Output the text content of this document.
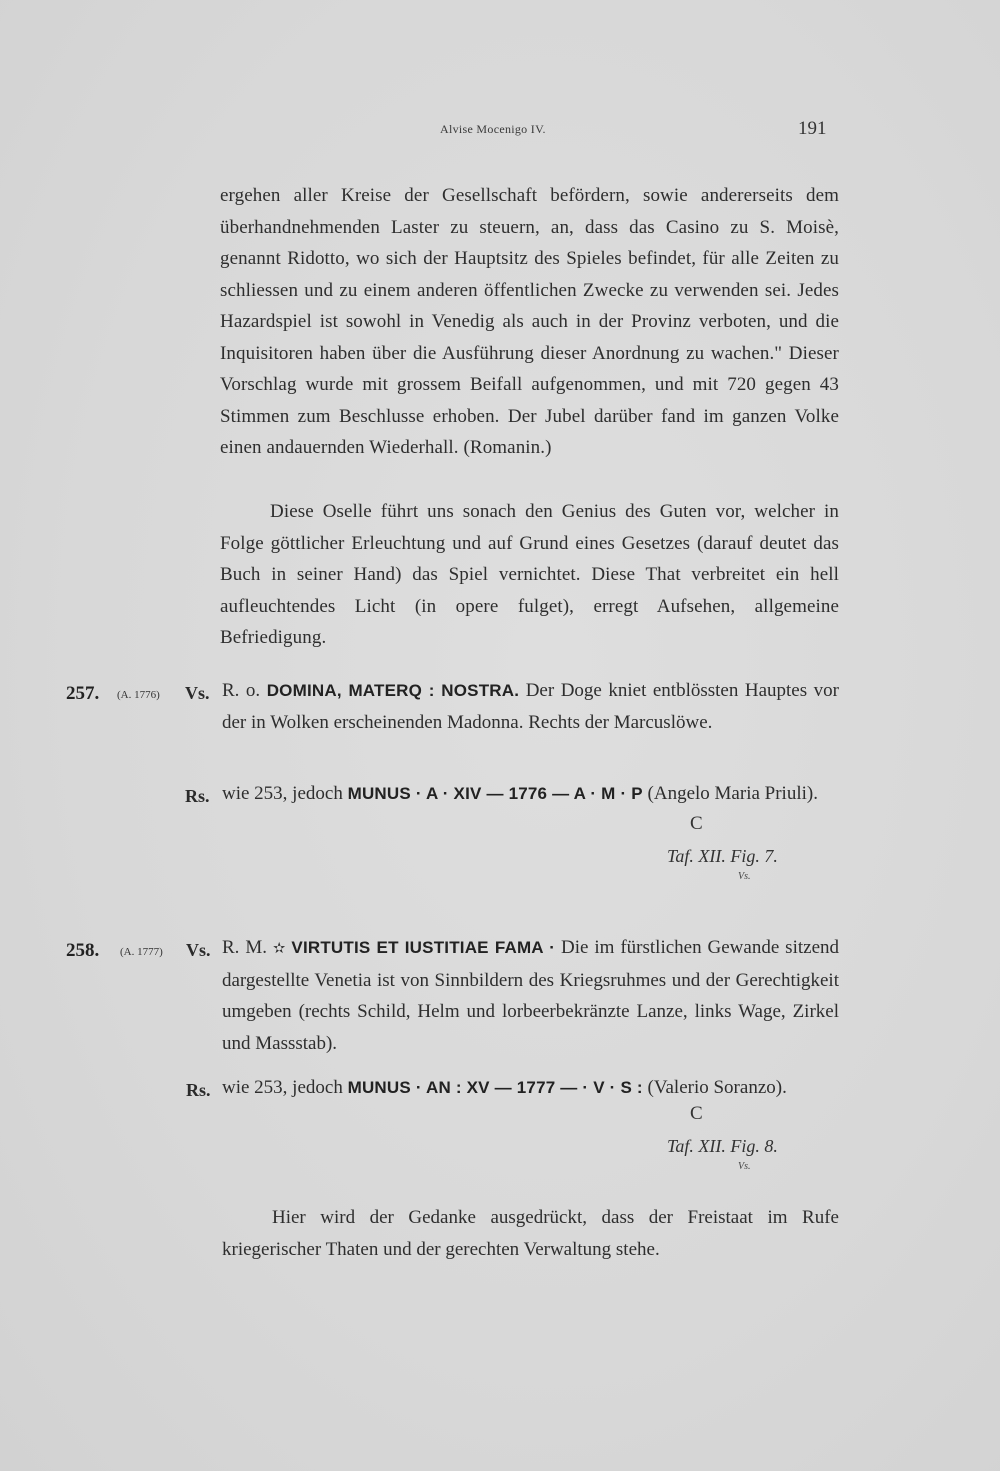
Alvise Mocenigo IV.	191

ergehen aller Kreise der Gesellschaft befördern, sowie andererseits dem überhandnehmenden Laster zu steuern, an, dass das Casino zu S. Moisè, genannt Ridotto, wo sich der Hauptsitz des Spieles befindet, für alle Zeiten zu schliessen und zu einem anderen öffentlichen Zwecke zu verwenden sei. Jedes Hazardspiel ist sowohl in Venedig als auch in der Provinz verboten, und die Inquisitoren haben über die Ausführung dieser Anordnung zu wachen." Dieser Vorschlag wurde mit grossem Beifall aufgenommen, und mit 720 gegen 43 Stimmen zum Beschlusse erhoben. Der Jubel darüber fand im ganzen Volke einen andauernden Wiederhall. (Romanin.)

Diese Oselle führt uns sonach den Genius des Guten vor, welcher in Folge göttlicher Erleuchtung und auf Grund eines Gesetzes (darauf deutet das Buch in seiner Hand) das Spiel vernichtet. Diese That verbreitet ein hell aufleuchtendes Licht (in opere fulget), erregt Aufsehen, allgemeine Befriedigung.

257. (A. 1776) Vs. R. o. DOMINA, MATERQ : NOSTRA. Der Doge kniet entblössten Hauptes vor der in Wolken erscheinenden Madonna. Rechts der Marcuslöwe.
Rs. wie 253, jedoch MUNUS · A · XIV — 1776 — A · M · P (Angelo Maria Priuli).
C
Taf. XII. Fig. 7.
Vs.
258. (A. 1777) Vs. R. M. ✫ VIRTUTIS ET IUSTITIAE FAMA · Die im fürstlichen Gewande sitzend dargestellte Venetia ist von Sinnbildern des Kriegsruhmes und der Gerechtigkeit umgeben (rechts Schild, Helm und lorbeerbekränzte Lanze, links Wage, Zirkel und Massstab).
Rs. wie 253, jedoch MUNUS · AN : XV — 1777 — · V · S : (Valerio Soranzo).
C
Taf. XII. Fig. 8.
Vs.

Hier wird der Gedanke ausgedrückt, dass der Freistaat im Rufe kriegerischer Thaten und der gerechten Verwaltung stehe.
